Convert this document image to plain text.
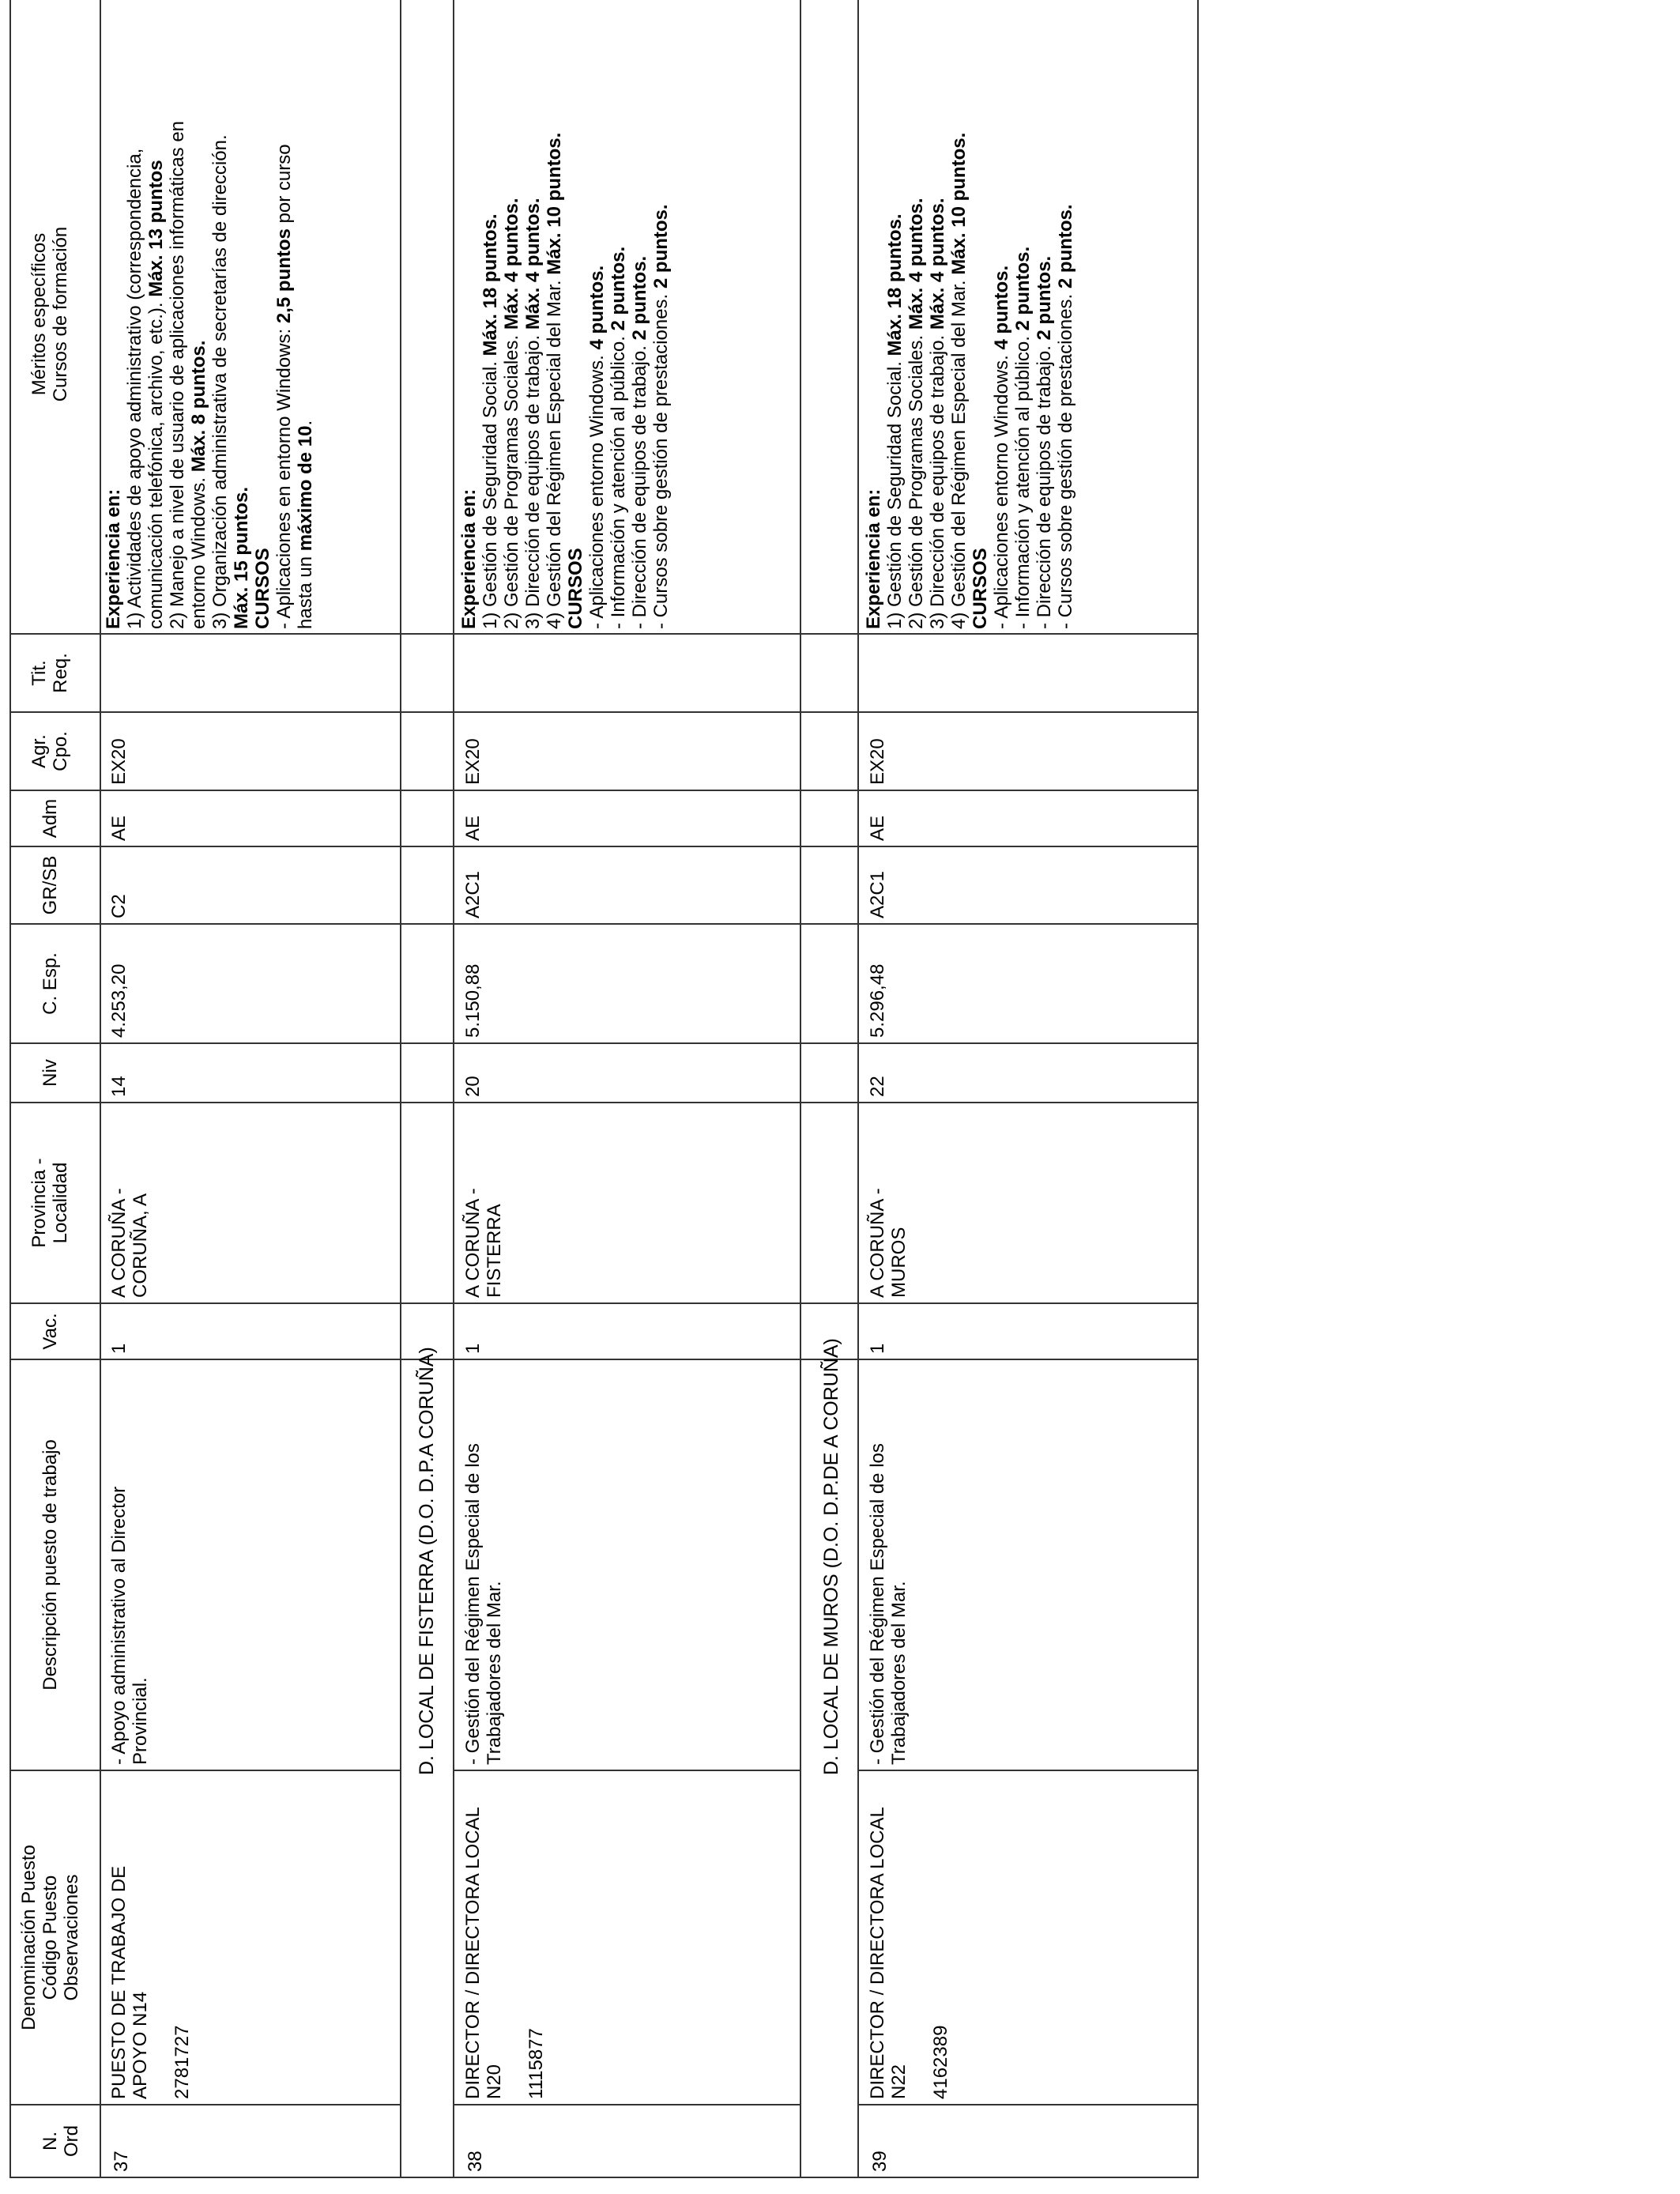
N.
Ord
Denominación Puesto
Código Puesto
Observaciones
Descripción puesto de trabajo
Vac.
Provincia -
Localidad
Niv
C. Esp.
GR/SB
Adm
Agr.
Cpo.
Tit.
Req.
Méritos específicos
Cursos de formación
D. LOCAL DE FISTERRA (D.O. D.P.A CORUÑA)	D. LOCAL DE MUROS (D.O. D.P.DE A CORUÑA)
37
PUESTO DE TRABAJO DE
APOYO N14
2781727
- Apoyo administrativo al Director
Provincial.
1
A CORUÑA -
CORUÑA, A
14
4.253,20
C2
AE
EX20
Experiencia en: 1) Actividades de apoyo administrativo (correspondencia, comunicación telefónica, archivo, etc.). Máx. 13 puntos 2) Manejo a nivel de usuario de aplicaciones informáticas en entorno Windows. Máx. 8 puntos. 3) Organización administrativa de secretarías de dirección. Máx. 15 puntos. CURSOS - Aplicaciones en entorno Windows: 2,5 puntos por curso
hasta un máximo de 10.
38
DIRECTOR / DIRECTORA LOCAL
N20 1115877
- Gestión del Régimen Especial de los
Trabajadores del Mar.
1
A CORUÑA -
FISTERRA
20
5.150,88
A2C1
AE
EX20
Experiencia en: 1) Gestión de Seguridad Social. Máx. 18 puntos.
2) Gestión de Programas Sociales. Máx. 4 puntos.
3) Dirección de equipos de trabajo. Máx. 4 puntos.
4) Gestión del Régimen Especial del Mar. Máx. 10 puntos.
CURSOS - Aplicaciones entorno Windows. 4 puntos.
- Información y atención al público. 2 puntos.
- Dirección de equipos de trabajo. 2 puntos. - Cursos sobre gestión de prestaciones. 2 puntos.
39
DIRECTOR / DIRECTORA LOCAL
N22 4162389
- Gestión del Régimen Especial de los
Trabajadores del Mar.
1
A CORUÑA -
MUROS
22
5.296,48
A2C1
AE
EX20
Experiencia en: 1) Gestión de Seguridad Social. Máx. 18 puntos.
2) Gestión de Programas Sociales. Máx. 4 puntos.
3) Dirección de equipos de trabajo. Máx. 4 puntos.
4) Gestión del Régimen Especial del Mar. Máx. 10 puntos.
CURSOS - Aplicaciones entorno Windows. 4 puntos.
- Información y atención al público. 2 puntos.
- Dirección de equipos de trabajo. 2 puntos. - Cursos sobre gestión de prestaciones. 2 puntos.
